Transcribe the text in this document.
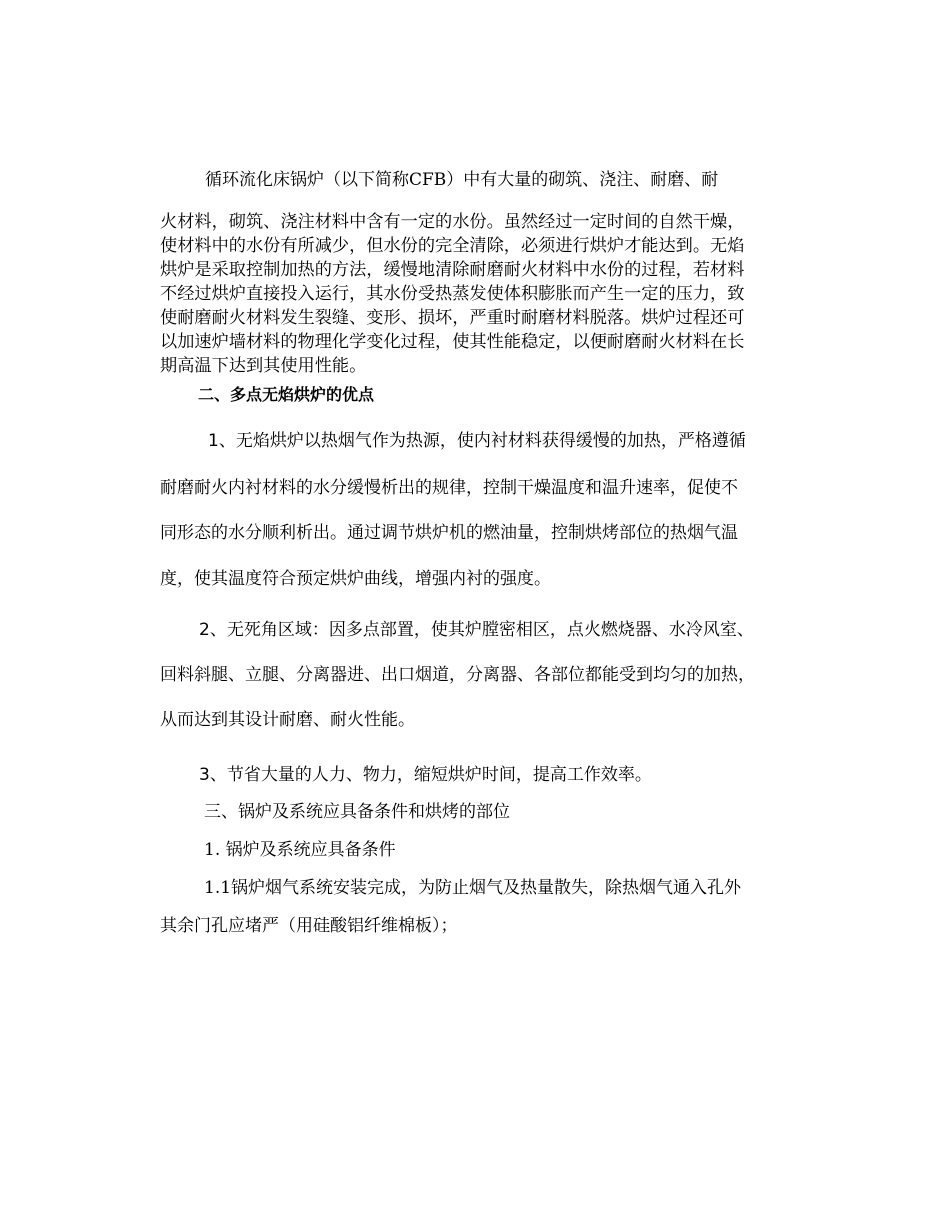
循环流化床锅炉（以下简称CFB）中有大量的砌筑、浇注、耐磨、耐

火材料，砌筑、浇注材料中含有一定的水份。虽然经过一定时间的自然干燥，

使材料中的水份有所减少，但水份的完全清除，必须进行烘炉才能达到。无焰

烘炉是采取控制加热的方法，缓慢地清除耐磨耐火材料中水份的过程，若材料

不经过烘炉直接投入运行，其水份受热蒸发使体积膨胀而产生一定的压力，致

使耐磨耐火材料发生裂缝、变形、损坏，严重时耐磨材料脱落。烘炉过程还可

以加速炉墙材料的物理化学变化过程，使其性能稳定，以便耐磨耐火材料在长

期高温下达到其使用性能。

二、多点无焰烘炉的优点

1、无焰烘炉以热烟气作为热源，使内衬材料获得缓慢的加热，严格遵循

耐磨耐火内衬材料的水分缓慢析出的规律，控制干燥温度和温升速率，促使不

同形态的水分顺利析出。通过调节烘炉机的燃油量，控制烘烤部位的热烟气温

度，使其温度符合预定烘炉曲线，增强内衬的强度。

2、无死角区域：因多点部置，使其炉膛密相区，点火燃烧器、水冷风室、

回料斜腿、立腿、分离器进、出口烟道，分离器、各部位都能受到均匀的加热，

从而达到其设计耐磨、耐火性能。

3、节省大量的人力、物力，缩短烘炉时间，提高工作效率。

三、锅炉及系统应具备条件和烘烤的部位

1. 锅炉及系统应具备条件

1.1锅炉烟气系统安装完成，为防止烟气及热量散失，除热烟气通入孔外

其余门孔应堵严（用硅酸铝纤维棉板）；
